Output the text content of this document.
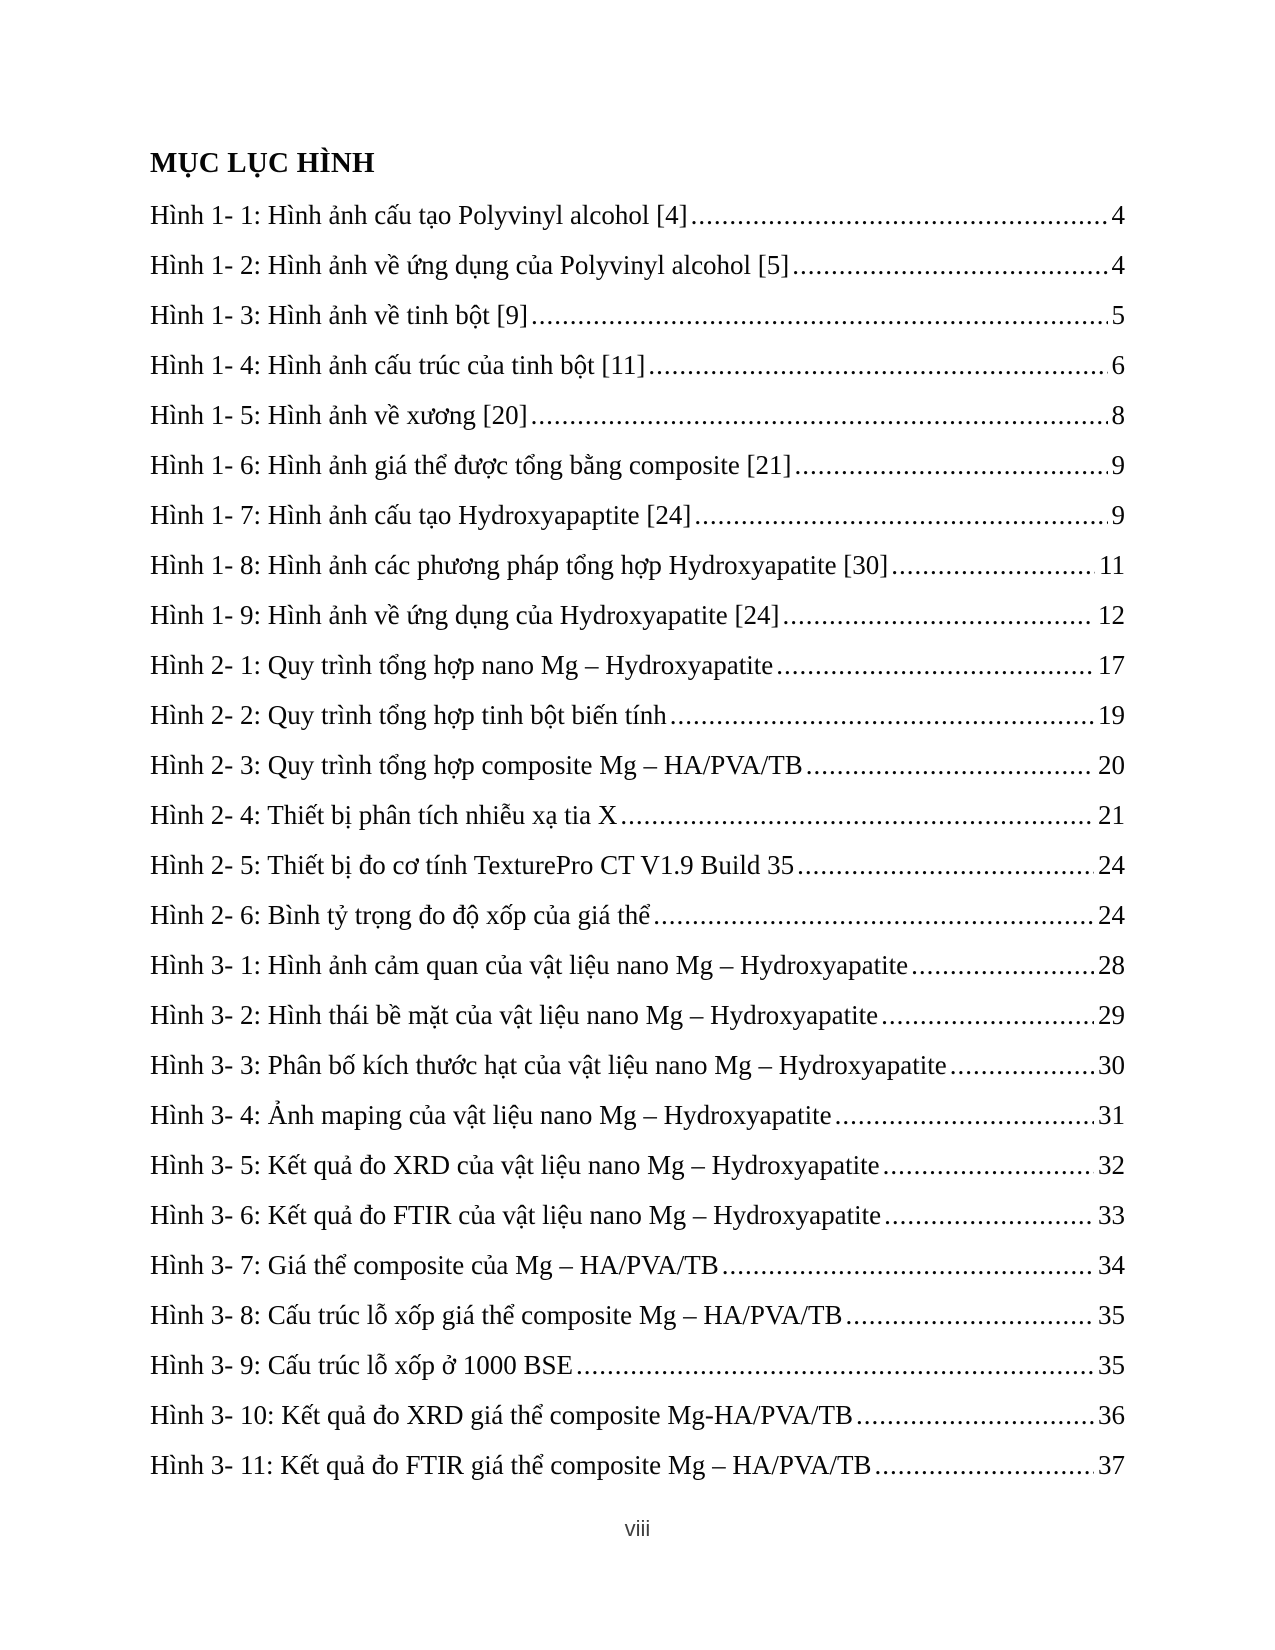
MỤC LỤC HÌNH
Hình 1- 1: Hình ảnh cấu tạo Polyvinyl alcohol [4] .....	4
Hình 1- 2: Hình ảnh về ứng dụng của Polyvinyl alcohol [5] .....	4
Hình 1- 3: Hình ảnh về tinh bột [9] .....	5
Hình 1- 4: Hình ảnh cấu trúc của tinh bột [11] .....	6
Hình 1- 5: Hình ảnh về xương [20] .....	8
Hình 1- 6: Hình ảnh giá thể được tổng bằng composite [21] .....	9
Hình 1- 7: Hình ảnh cấu tạo Hydroxyapaptite [24] .....	9
Hình 1- 8: Hình ảnh các phương pháp tổng hợp Hydroxyapatite [30] .....	11
Hình 1- 9: Hình ảnh về ứng dụng của Hydroxyapatite [24] .....	12
Hình 2- 1: Quy trình tổng hợp nano Mg – Hydroxyapatite .....	17
Hình 2- 2: Quy trình tổng hợp tinh bột biến tính .....	19
Hình 2- 3: Quy trình tổng hợp composite Mg – HA/PVA/TB .....	20
Hình 2- 4: Thiết bị phân tích nhiễu xạ tia X .....	21
Hình 2- 5: Thiết bị đo cơ tính TexturePro CT V1.9 Build 35 .....	24
Hình 2- 6: Bình tỷ trọng đo độ xốp của giá thể .....	24
Hình 3- 1: Hình ảnh cảm quan của vật liệu nano Mg – Hydroxyapatite .....	28
Hình 3- 2: Hình thái bề mặt của vật liệu nano Mg – Hydroxyapatite .....	29
Hình 3- 3: Phân bố kích thước hạt của vật liệu nano Mg – Hydroxyapatite .....	30
Hình 3- 4: Ảnh maping của vật liệu nano Mg – Hydroxyapatite .....	31
Hình 3- 5: Kết quả đo XRD của vật liệu nano Mg – Hydroxyapatite .....	32
Hình 3- 6: Kết quả đo FTIR của vật liệu nano Mg – Hydroxyapatite .....	33
Hình 3- 7: Giá thể composite của Mg – HA/PVA/TB .....	34
Hình 3- 8: Cấu trúc lỗ xốp giá thể composite Mg – HA/PVA/TB .....	35
Hình 3- 9: Cấu trúc lỗ xốp ở 1000 BSE .....	35
Hình 3- 10: Kết quả đo XRD giá thể composite Mg-HA/PVA/TB .....	36
Hình 3- 11: Kết quả đo FTIR giá thể composite Mg – HA/PVA/TB .....	37
viii
